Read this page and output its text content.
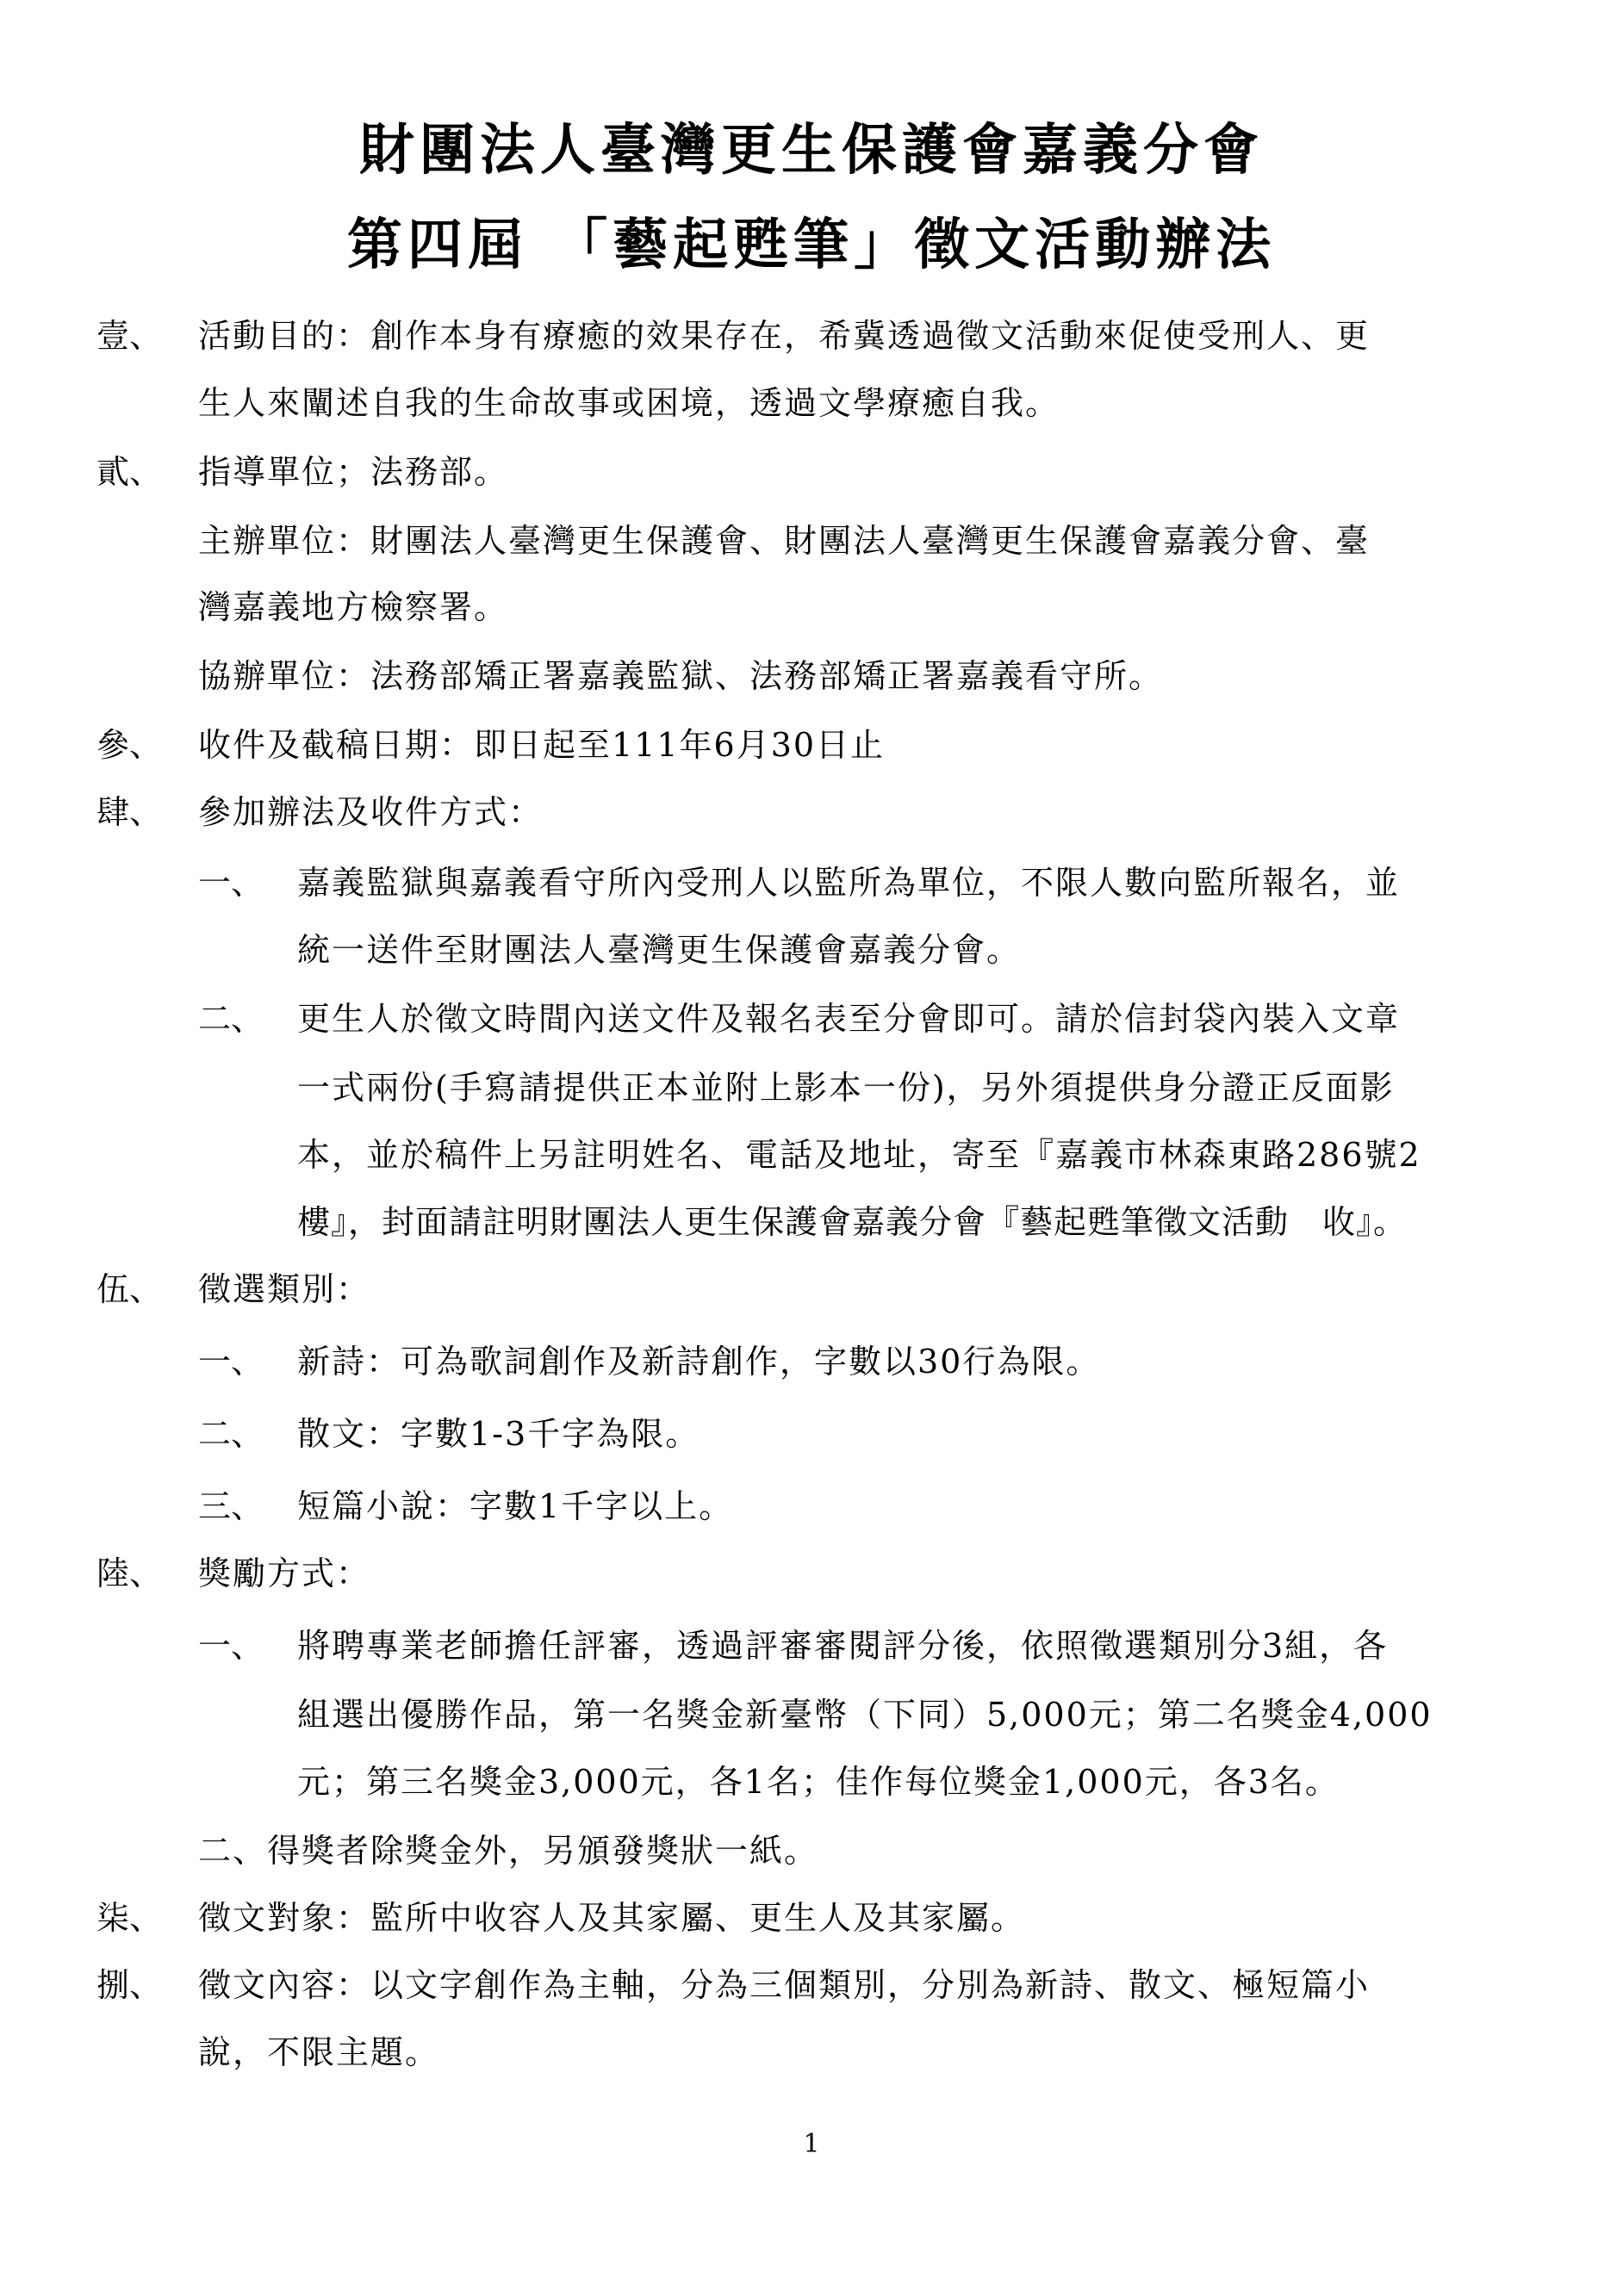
財團法人臺灣更生保護會嘉義分會
第四屆 「藝起甦筆」徵文活動辦法
壹、 活動目的：創作本身有療癒的效果存在，希冀透過徵文活動來促使受刑人、更
生人來闡述自我的生命故事或困境，透過文學療癒自我。
貳、 指導單位；法務部。
主辦單位：財團法人臺灣更生保護會、財團法人臺灣更生保護會嘉義分會、臺
灣嘉義地方檢察署。
協辦單位：法務部矯正署嘉義監獄、法務部矯正署嘉義看守所。
參、 收件及截稿日期：即日起至111年6月30日止
肆、 參加辦法及收件方式：
一、 嘉義監獄與嘉義看守所內受刑人以監所為單位，不限人數向監所報名，並
統一送件至財團法人臺灣更生保護會嘉義分會。
二、 更生人於徵文時間內送文件及報名表至分會即可。請於信封袋內裝入文章
一式兩份(手寫請提供正本並附上影本一份)，另外須提供身分證正反面影
本，並於稿件上另註明姓名、電話及地址，寄至『嘉義市林森東路286號2
樓』，封面請註明財團法人更生保護會嘉義分會『藝起甦筆徵文活動　收』。
伍、 徵選類別：
一、 新詩：可為歌詞創作及新詩創作，字數以30行為限。
二、 散文：字數1-3千字為限。
三、 短篇小說：字數1千字以上。
陸、 獎勵方式：
一、 將聘專業老師擔任評審，透過評審審閱評分後，依照徵選類別分3組，各
組選出優勝作品，第一名獎金新臺幣（下同）5,000元；第二名獎金4,000
元；第三名獎金3,000元，各1名；佳作每位獎金1,000元，各3名。
二、得獎者除獎金外，另頒發獎狀一紙。
柒、 徵文對象：監所中收容人及其家屬、更生人及其家屬。
捌、 徵文內容：以文字創作為主軸，分為三個類別，分別為新詩、散文、極短篇小
說，不限主題。
1
